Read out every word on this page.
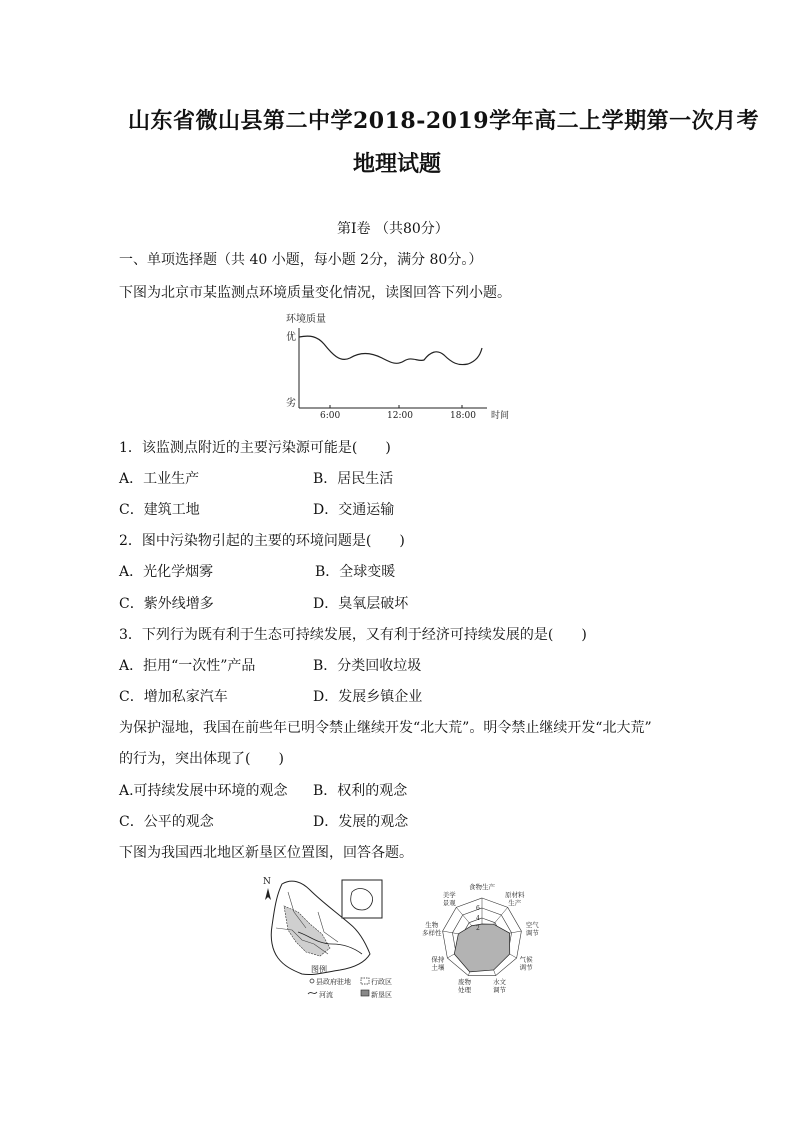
山东省微山县第二中学2018-2019学年高二上学期第一次月考
地理试题
第Ⅰ卷 （共80分）
一、单项选择题（共 40 小题，每小题 2分，满分 80分。）
下图为北京市某监测点环境质量变化情况，读图回答下列小题。
环境质量
优
劣
6:00	12:00	18:00 时间
1．该监测点附近的主要污染源可能是(　　)
A．工业生产	B．居民生活
C．建筑工地	D．交通运输
2．图中污染物引起的主要的环境问题是(　　)
A．光化学烟雾	B．全球变暖
C．紫外线增多	D．臭氧层破坏
3．下列行为既有利于生态可持续发展，又有利于经济可持续发展的是(　　)
A．拒用“一次性”产品	B．分类回收垃圾
C．增加私家汽车	D．发展乡镇企业
为保护湿地，我国在前些年已明令禁止继续开发“北大荒”。明令禁止继续开发“北大荒”
的行为，突出体现了(　　)
A.可持续发展中环境的观念 B．权利的观念
C．公平的观念	D．发展的观念
下图为我国西北地区新垦区位置图，回答各题。
N
图例
县政府驻地	行政区
河流	新垦区
6
4
2
食物生产
原材料
生产
空气
调节
气候
调节
水文
调节
废物
处理
保持
土壤
生物
多样性
美学
景观
